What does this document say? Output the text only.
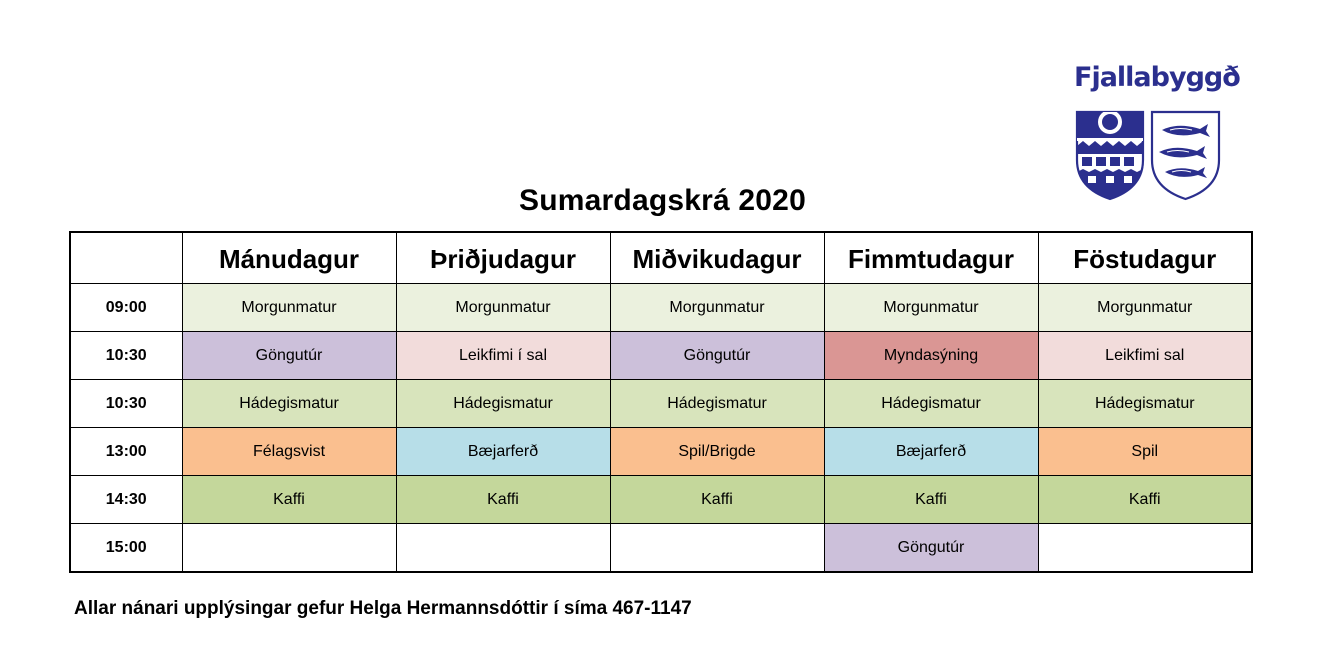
Fjallabyggð
Sumardagskrá 2020
	Mánudagur	Þriðjudagur	Miðvikudagur	Fimmtudagur	Föstudagur
09:00	Morgunmatur	Morgunmatur	Morgunmatur	Morgunmatur	Morgunmatur
10:30	Göngutúr	Leikfimi í sal	Göngutúr	Myndasýning	Leikfimi sal
10:30	Hádegismatur	Hádegismatur	Hádegismatur	Hádegismatur	Hádegismatur
13:00	Félagsvist	Bæjarferð	Spil/Brigde	Bæjarferð	Spil
14:30	Kaffi	Kaffi	Kaffi	Kaffi	Kaffi
15:00				Göngutúr	
Allar nánari upplýsingar gefur Helga Hermannsdóttir í síma 467-1147
